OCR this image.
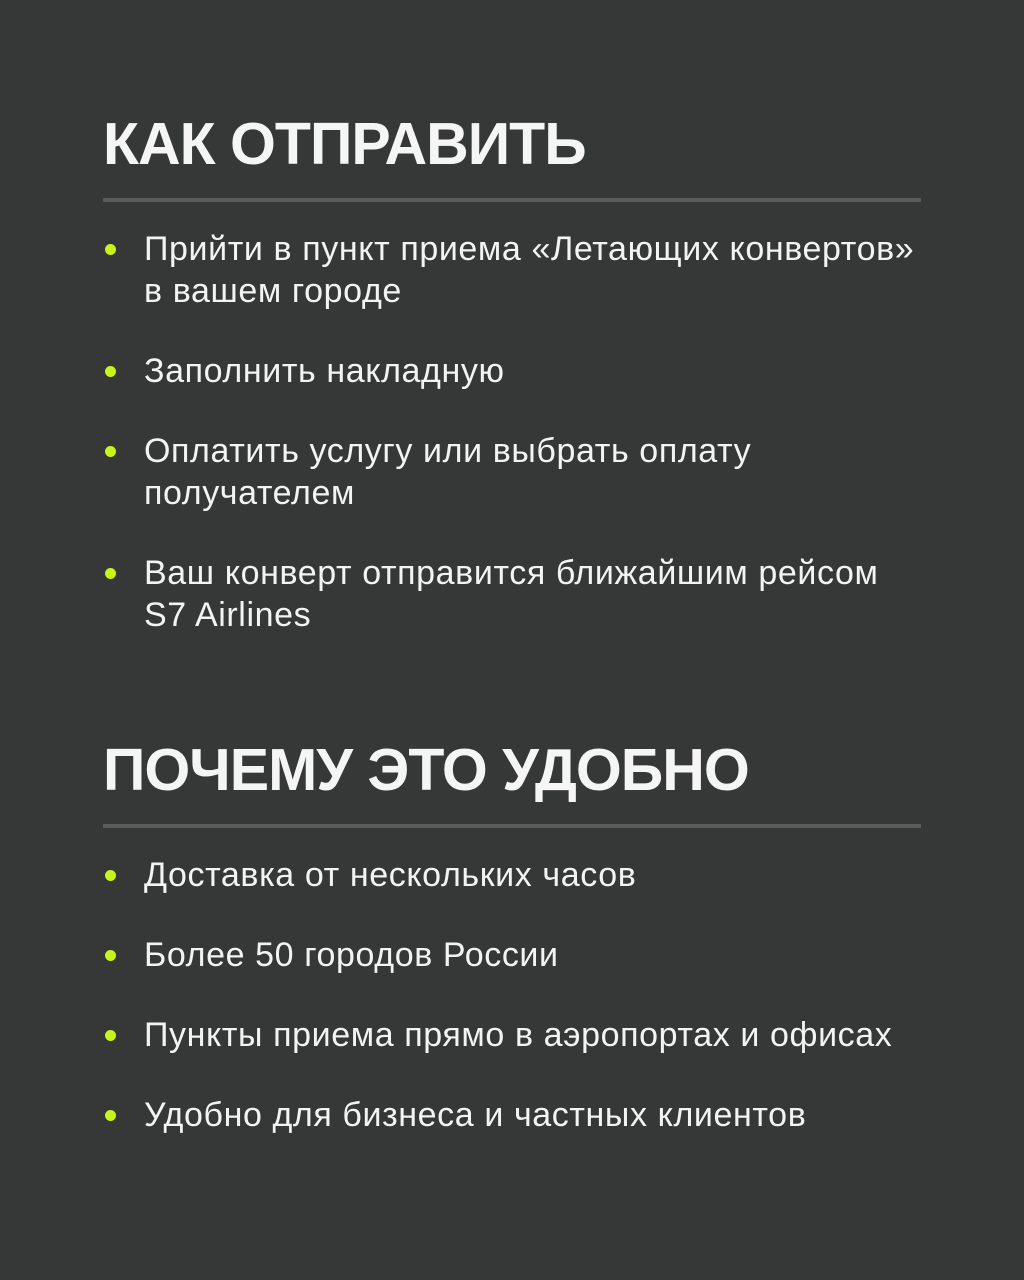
КАК ОТПРАВИТЬ
Прийти в пункт приема «Летающих конвертов» в вашем городе
Заполнить накладную
Оплатить услугу или выбрать оплату получателем
Ваш конверт отправится ближайшим рейсом S7 Airlines
ПОЧЕМУ ЭТО УДОБНО
Доставка от нескольких часов
Более 50 городов России
Пункты приема прямо в аэропортах и офисах
Удобно для бизнеса и частных клиентов
